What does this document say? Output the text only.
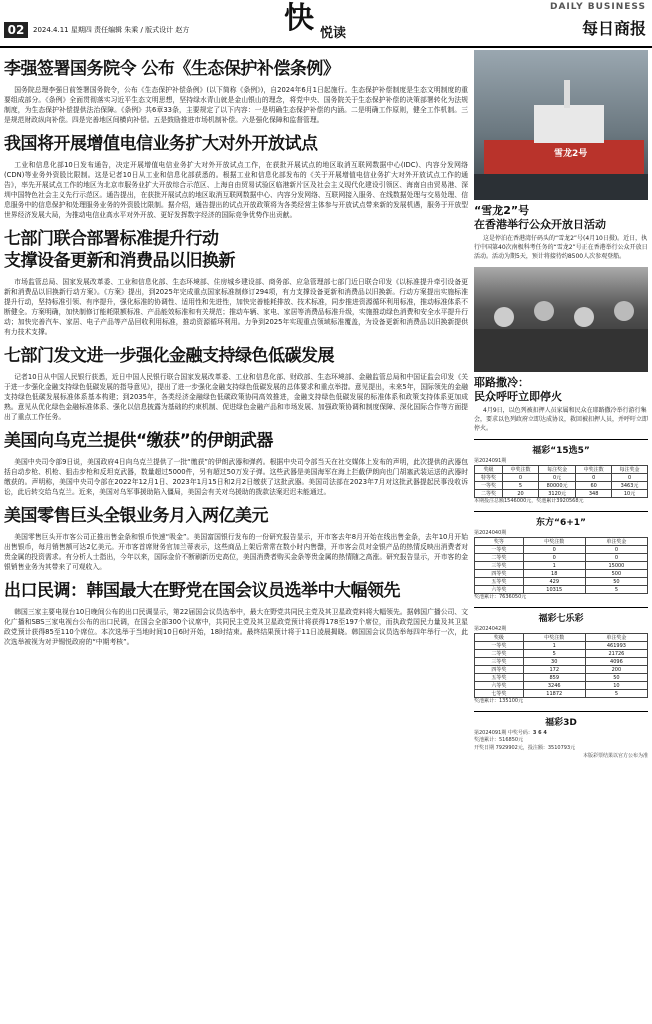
02	2024.4.11 星期四 责任编辑 朱乘 / 版式设计 赵方	快 悦读
DAILY BUSINESS
每日商报
李强签署国务院令 公布《生态保护补偿条例》

国务院总理李强日前签署国务院令，公布《生态保护补偿条例》(以下简称《条例》)，自2024年6月1日起施行。生态保护补偿制度是生态文明制度的重要组成部分。《条例》全面贯彻落实习近平生态文明思想，坚持绿水青山就是金山银山的理念，将党中央、国务院关于生态保护补偿的决策部署转化为法规制度，为生态保护补偿提供法治保障。《条例》共6章33条，主要规定了以下内容：一是明确生态保护补偿的内涵。二是明确工作原则，健全工作机制。三是规范财政纵向补偿。四是完善地区间横向补偿。五是鼓励推进市场机制补偿。六是强化保障和监督管理。

我国将开展增值电信业务扩大对外开放试点

工业和信息化部10日发布通告，决定开展增值电信业务扩大对外开放试点工作，在获批开展试点的地区取消互联网数据中心(IDC)、内容分发网络(CDN)等业务外资股比限制。这是记者10日从工业和信息化部获悉的。根据工业和信息化部发布的《关于开展增值电信业务扩大对外开放试点工作的通告》，率先开展试点工作的地区为北京市服务业扩大开放综合示范区、上海自由贸易试验区临港新片区及社会主义现代化建设引领区、海南自由贸易港、深圳中国特色社会主义先行示范区。通告提出，在获批开展试点的地区取消互联网数据中心、内容分发网络、互联网接入服务、在线数据处理与交易处理、信息服务中的信息保护和处理服务业务的外资股比限制。据介绍，通告提出的试点开放政策将为各类经营主体参与开放试点带来新的发展机遇，服务于开放型世界经济发展大局，为推动电信业高水平对外开放、更好发挥数字经济的国际竞争优势作出贡献。

七部门联合部署标准提升行动
支撑设备更新和消费品以旧换新

市场监管总局、国家发展改革委、工业和信息化部、生态环境部、住房城乡建设部、商务部、应急管理部七部门近日联合印发《以标准提升牵引设备更新和消费品以旧换新行动方案》。《方案》提出，到2025年完成重点国家标准制修订294项，有力支撑设备更新和消费品以旧换新。行动方案提出实施标准提升行动，坚持标准引领、有序提升，强化标准的协调性、适用性和先进性，加快完善能耗排放、技术标准，同步推进资源循环利用标准，推动标准体系不断健全。方案明确，加快制修订能耗限额标准、产品能效标准和有关规范；推动车辆、家电、家居等消费品标准升级，实施推动绿色消费和安全水平提升行动；加快完善汽车、家居、电子产品等产品回收利用标准，推动资源循环利用。力争到2025年实现重点领域标准覆盖，为设备更新和消费品以旧换新提供有力技术支撑。

七部门发文进一步强化金融支持绿色低碳发展

记者10日从中国人民银行获悉，近日中国人民银行联合国家发展改革委、工业和信息化部、财政部、生态环境部、金融监管总局和中国证监会印发《关于进一步强化金融支持绿色低碳发展的指导意见》，提出了进一步强化金融支持绿色低碳发展的总体要求和重点举措。意见提出，未来5年，国际领先的金融支持绿色低碳发展标准体系基本构建；到2035年，各类经济金融绿色低碳政策协同高效推进，金融支持绿色低碳发展的标准体系和政策支持体系更加成熟。意见从优化绿色金融标准体系、强化以信息披露为基础的约束机制、促进绿色金融产品和市场发展、加强政策协调和制度保障、深化国际合作等方面提出了重点工作任务。

美国向乌克兰提供“缴获”的伊朗武器

美国中央司令部9日说，美国政府4日向乌克兰提供了一批“缴获”的伊朗武器和弹药。根据中央司令部当天在社交媒体上发布的声明，此次提供的武器包括自动步枪、机枪、狙击步枪和反坦克武器，数量超过5000件，另有超过50万发子弹。这些武器是美国海军在海上拦截伊朗向也门胡塞武装运送的武器时缴获的。声明称，美国中央司令部在2022年12月1日、2023年1月15日和2月2日缴获了这批武器。美国司法部在2023年7月对这批武器提起民事没收诉讼，此后转交给乌克兰。近来，美国对乌军事援助陷入僵局，美国会有关对乌援助的拨款法案迟迟未能通过。

美国零售巨头全银业务月入两亿美元

美国零售巨头开市客公司正推出售金条和银币快速“吸金”。美国富国银行发布的一份研究报告显示，开市客去年8月开始在线出售金条，去年10月开始出售银币，每月销售额可达2亿美元。开市客首席财务官加兰蒂表示，这些商品上架后常常在数小时内售罄，开市客会员对金银产品的热情反映出消费者对贵金属的投资需求。有分析人士指出，今年以来，国际金价不断刷新历史高位，美国消费者购买金条等贵金属的热情随之高涨。研究报告显示，开市客的金银销售业务为其带来了可观收入。

出口民调：韩国最大在野党在国会议员选举中大幅领先

韩国三家主要电视台10日晚间公布的出口民调显示，第22届国会议员选举中，最大在野党共同民主党及其卫星政党料将大幅领先。据韩国广播公司、文化广播和SBS三家电视台公布的出口民调，在国会全部300个议席中，共同民主党及其卫星政党预计将获得178至197个席位，而执政党国民力量及其卫星政党预计获得85至110个席位。本次选举于当地时间10日6时开始，18时结束。最终结果预计将于11日凌晨揭晓。韩国国会议员选举每四年举行一次，此次选举被视为对尹锡悦政府的“中期考核”。

雪龙2号
“雪龙2”号
在香港举行公众开放日活动

这是停泊在香港湾仔码头的“雪龙2”号(4月10日摄)。近日，执行中国第40次南极科考任务的“雪龙2”号正在香港举行公众开放日活动。活动为期5天，预计将接待约8500人次参观登船。

耶路撒冷：
民众呼吁立即停火

4月9日，以色列被扣押人员家属和民众在耶路撒冷举行游行集会，要求以色列政府立即达成协议，救回被扣押人员，并呼吁立即停火。

福彩“15选5”
第2024091期
奖级	中奖注数	每注奖金	中奖注数	每注奖金
特等奖	0	0元	0	0
一等奖	5	80000元	60	3463元
二等奖	20	3120元	348	10元
本期投注总额1546000元，奖池累计3920568元
东方“6+1”
第2024040期
奖等	中奖注数	单注奖金
一等奖	0	0
二等奖	0	0
三等奖	1	15000
四等奖	18	500
五等奖	429	50
六等奖	10315	5
奖池累计：7636050元
福彩七乐彩
第2024042期
奖级	中奖注数	单注奖金
一等奖	1	461993
二等奖	5	21726
三等奖	30	4096
四等奖	172	200
五等奖	859	50
六等奖	3246	10
七等奖	11872	5
奖池累计：135100元
福彩3D
第2024091期 中奖号码：3 6 4
奖池累计：516850元
开奖日期 7929902元，投注额：3510793元
本版彩票结果以官方公布为准
